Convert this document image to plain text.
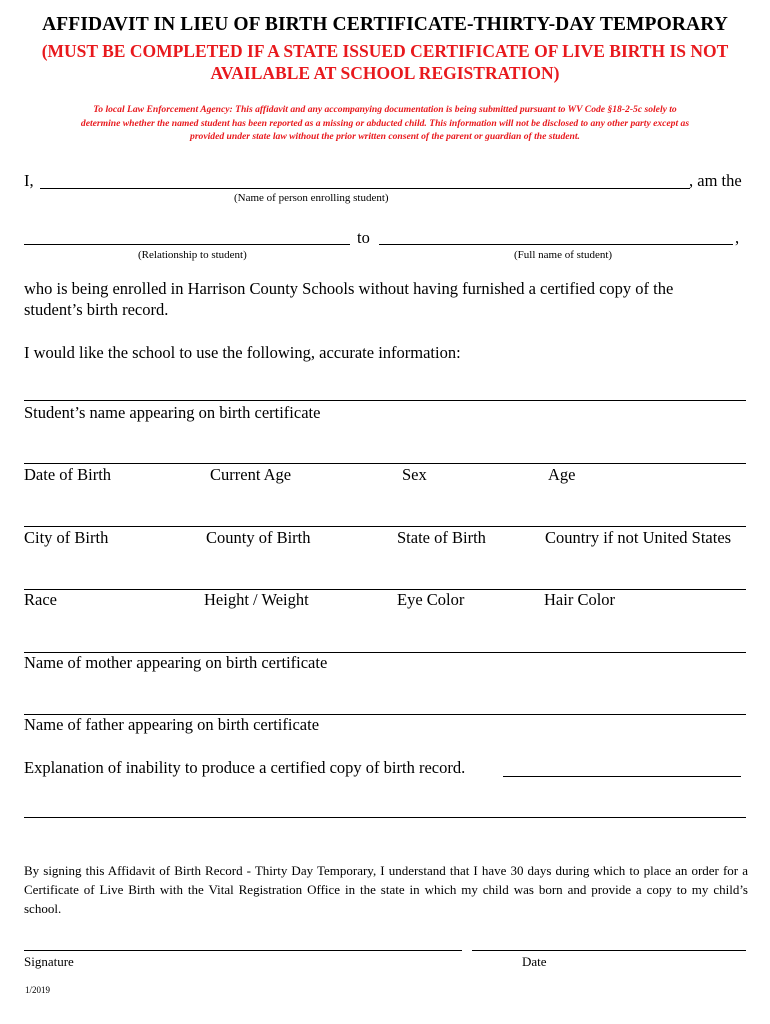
AFFIDAVIT IN LIEU OF BIRTH CERTIFICATE-THIRTY-DAY TEMPORARY
(MUST BE COMPLETED IF A STATE ISSUED CERTIFICATE OF LIVE BIRTH IS NOT
AVAILABLE AT SCHOOL REGISTRATION)
To local Law Enforcement Agency: This affidavit and any accompanying documentation is being submitted pursuant to WV Code §18-2-5c solely to
determine whether the named student has been reported as a missing or abducted child. This information will not be disclosed to any other party except as
provided under state law without the prior written consent of the parent or guardian of the student.
I,	, am the
(Name of person enrolling student)
to	,
(Relationship to student)	(Full name of student)
who is being enrolled in Harrison County Schools without having furnished a certified copy of the
student’s birth record.
I would like the school to use the following, accurate information:
Student’s name appearing on birth certificate
Date of Birth	Current Age	Sex	Age
City of Birth	County of Birth	State of Birth	Country if not United States
Race	Height / Weight	Eye Color	Hair Color
Name of mother appearing on birth certificate
Name of father appearing on birth certificate
Explanation of inability to produce a certified copy of birth record.
By signing this Affidavit of Birth Record - Thirty Day Temporary, I understand that I have 30 days during which to place an order for a Certificate of Live Birth with the Vital Registration Office in the state in which my child was born and provide a copy to my child’s school.
Signature	Date
1/2019
